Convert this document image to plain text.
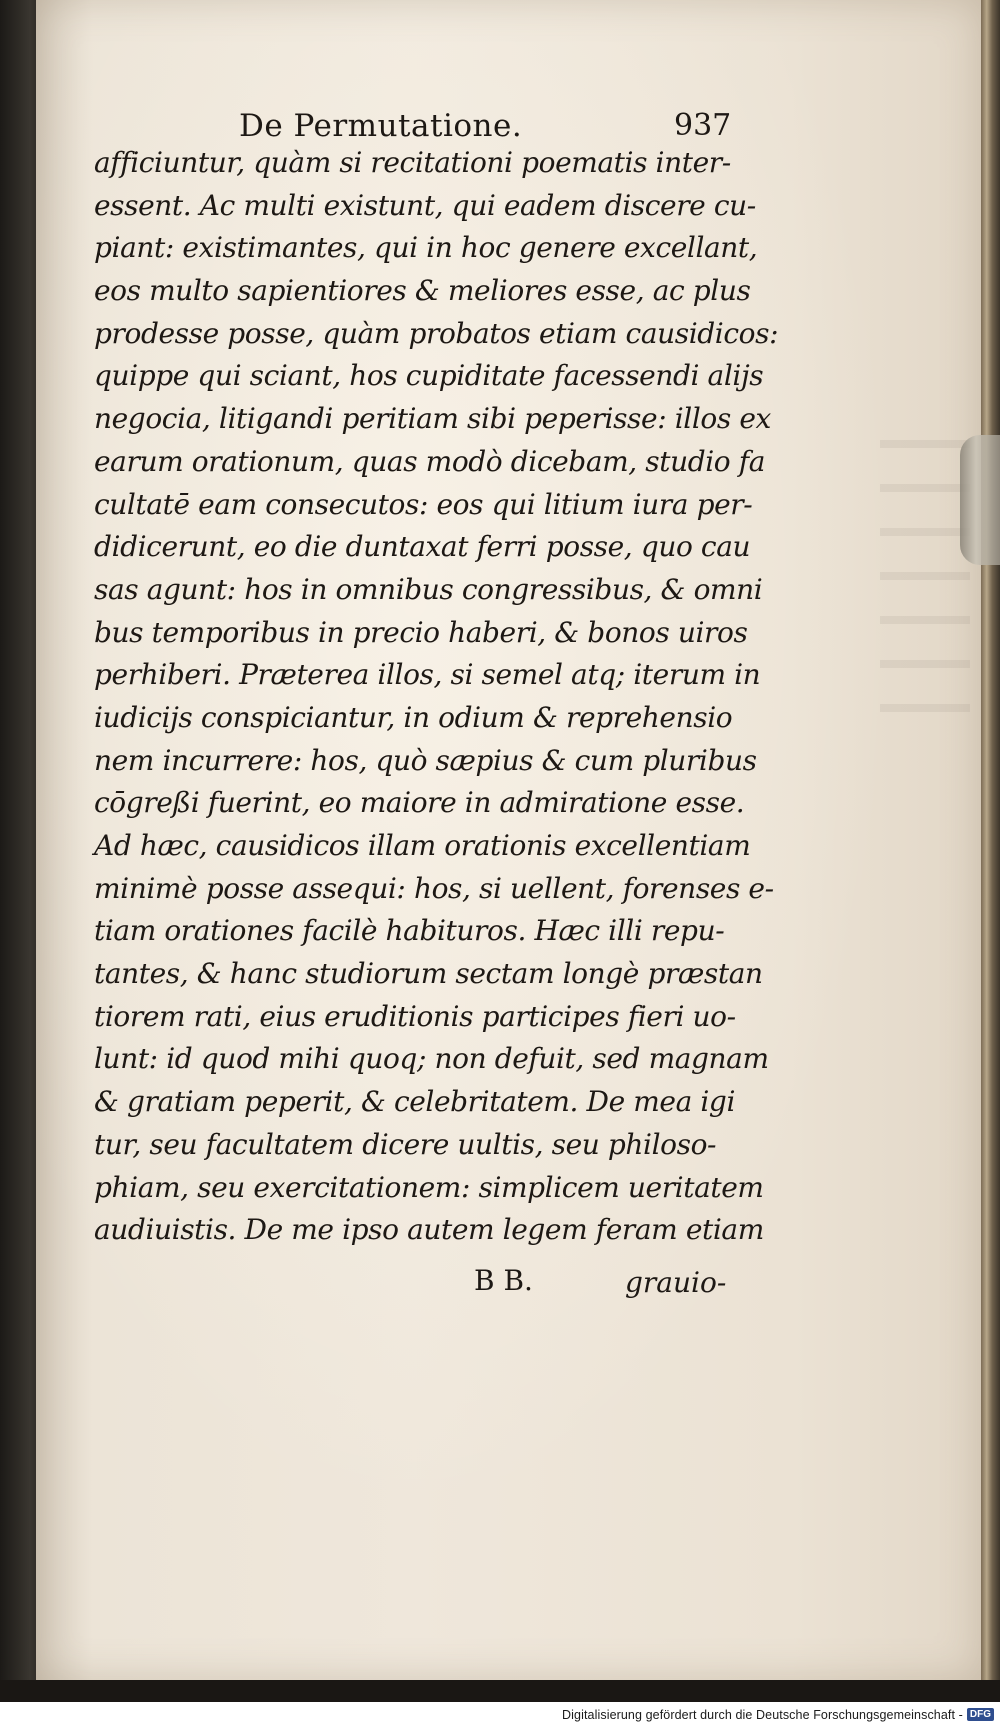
De Permutatione.	937
afficiuntur, quàm si recitationi poematis inter-
essent. Ac multi existunt, qui eadem discere cu-
piant: existimantes, qui in hoc genere excellant,
eos multo sapientiores & meliores esse, ac plus
prodesse posse, quàm probatos etiam causidicos:
quippe qui sciant, hos cupiditate facessendi alijs
negocia, litigandi peritiam sibi peperisse: illos ex
earum orationum, quas modò dicebam, studio fa
cultatē eam consecutos: eos qui litium iura per-
didicerunt, eo die duntaxat ferri posse, quo cau
sas agunt: hos in omnibus congressibus, & omni
bus temporibus in precio haberi, & bonos uiros
perhiberi. Præterea illos, si semel atq; iterum in
iudicijs conspiciantur, in odium & reprehensio
nem incurrere: hos, quò sæpius & cum pluribus
cōgreßi fuerint, eo maiore in admiratione esse.
Ad hæc, causidicos illam orationis excellentiam
minimè posse assequi: hos, si uellent, forenses e-
tiam orationes facilè habituros. Hæc illi repu-
tantes, & hanc studiorum sectam longè præstan
tiorem rati, eius eruditionis participes fieri uo-
lunt: id quod mihi quoq; non defuit, sed magnam
& gratiam peperit, & celebritatem. De mea igi
tur, seu facultatem dicere uultis, seu philoso-
phiam, seu exercitationem: simplicem ueritatem
audiuistis. De me ipso autem legem feram etiam
B B.	grauio-
Digitalisierung gefördert durch die Deutsche Forschungsgemeinschaft - DFG
